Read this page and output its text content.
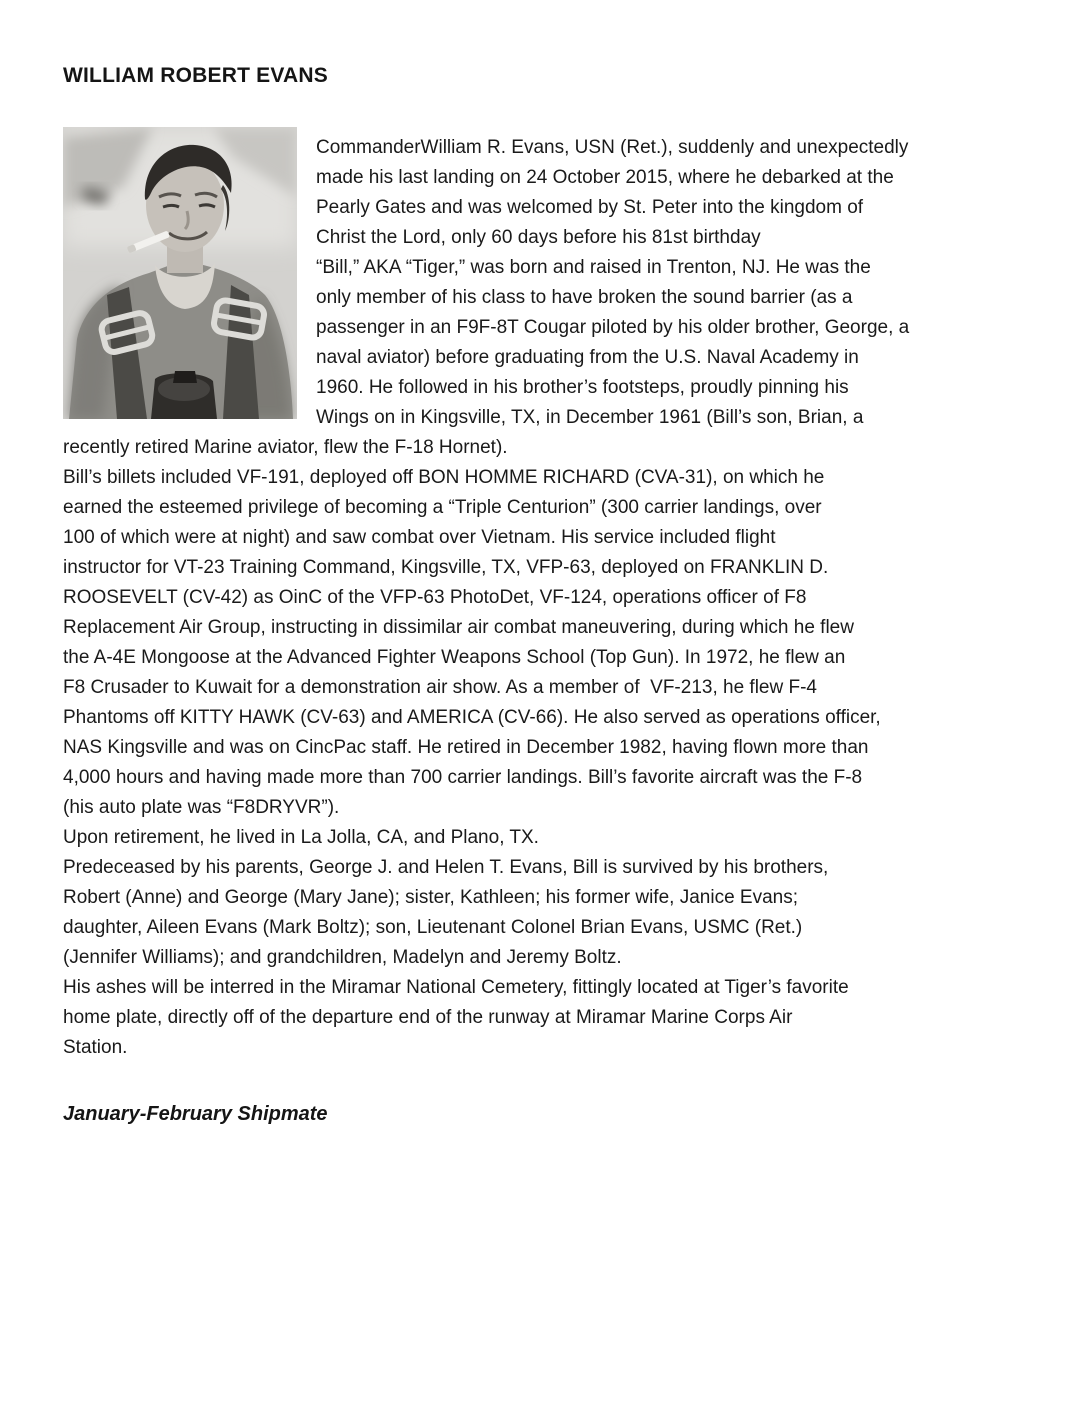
WILLIAM ROBERT EVANS
CommanderWilliam R. Evans, USN (Ret.), suddenly and unexpectedly
made his last landing on 24 October 2015, where he debarked at the
Pearly Gates and was welcomed by St. Peter into the kingdom of
Christ the Lord, only 60 days before his 81st birthday
“Bill,” AKA “Tiger,” was born and raised in Trenton, NJ. He was the
only member of his class to have broken the sound barrier (as a
passenger in an F9F-8T Cougar piloted by his older brother, George, a
naval aviator) before graduating from the U.S. Naval Academy in
1960. He followed in his brother’s footsteps, proudly pinning his
Wings on in Kingsville, TX, in December 1961 (Bill’s son, Brian, a
recently retired Marine aviator, flew the F-18 Hornet).
Bill’s billets included VF-191, deployed off BON HOMME RICHARD (CVA-31), on which he
earned the esteemed privilege of becoming a “Triple Centurion” (300 carrier landings, over
100 of which were at night) and saw combat over Vietnam. His service included flight
instructor for VT-23 Training Command, Kingsville, TX, VFP-63, deployed on FRANKLIN D.
ROOSEVELT (CV-42) as OinC of the VFP-63 PhotoDet, VF-124, operations officer of F8
Replacement Air Group, instructing in dissimilar air combat maneuvering, during which he flew
the A-4E Mongoose at the Advanced Fighter Weapons School (Top Gun). In 1972, he flew an
F8 Crusader to Kuwait for a demonstration air show. As a member of  VF-213, he flew F-4
Phantoms off KITTY HAWK (CV-63) and AMERICA (CV-66). He also served as operations officer,
NAS Kingsville and was on CincPac staff. He retired in December 1982, having flown more than
4,000 hours and having made more than 700 carrier landings. Bill’s favorite aircraft was the F-8
(his auto plate was “F8DRYVR”).
Upon retirement, he lived in La Jolla, CA, and Plano, TX.
Predeceased by his parents, George J. and Helen T. Evans, Bill is survived by his brothers,
Robert (Anne) and George (Mary Jane); sister, Kathleen; his former wife, Janice Evans;
daughter, Aileen Evans (Mark Boltz); son, Lieutenant Colonel Brian Evans, USMC (Ret.)
(Jennifer Williams); and grandchildren, Madelyn and Jeremy Boltz.
His ashes will be interred in the Miramar National Cemetery, fittingly located at Tiger’s favorite
home plate, directly off of the departure end of the runway at Miramar Marine Corps Air
Station.
January-February Shipmate
